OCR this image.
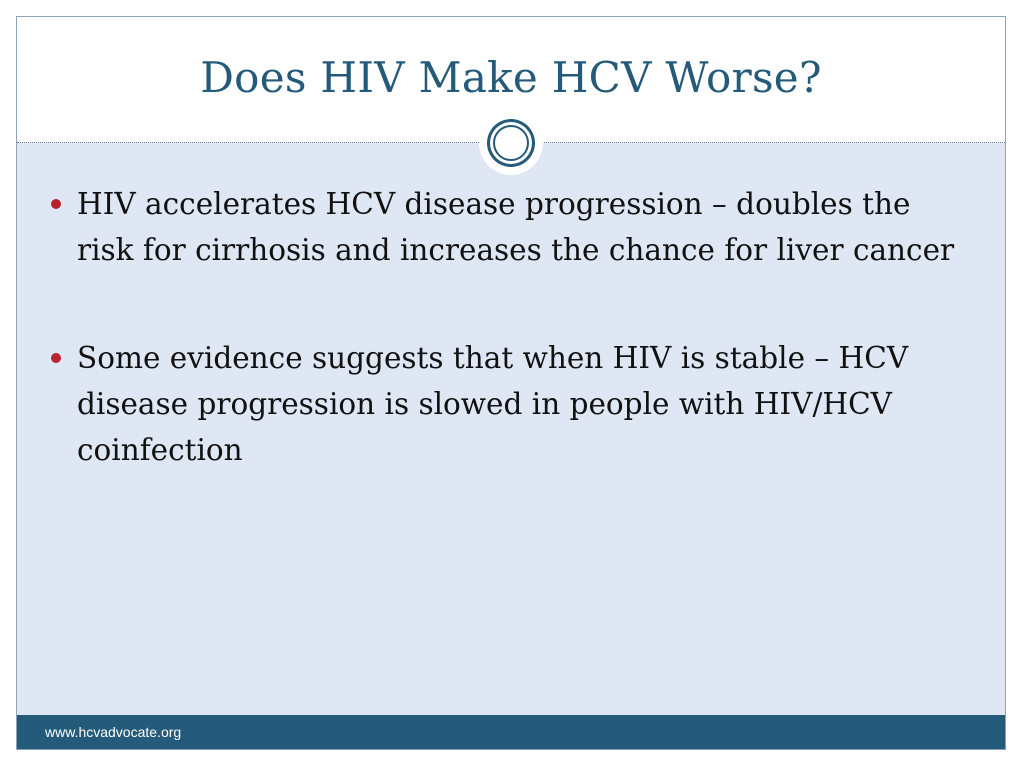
Does HIV Make HCV Worse?
HIV accelerates HCV disease progression – doubles the risk for cirrhosis and increases the chance for liver cancer
Some evidence suggests that when HIV is stable – HCV disease progression is slowed in people with HIV/HCV coinfection
www.hcvadvocate.org
